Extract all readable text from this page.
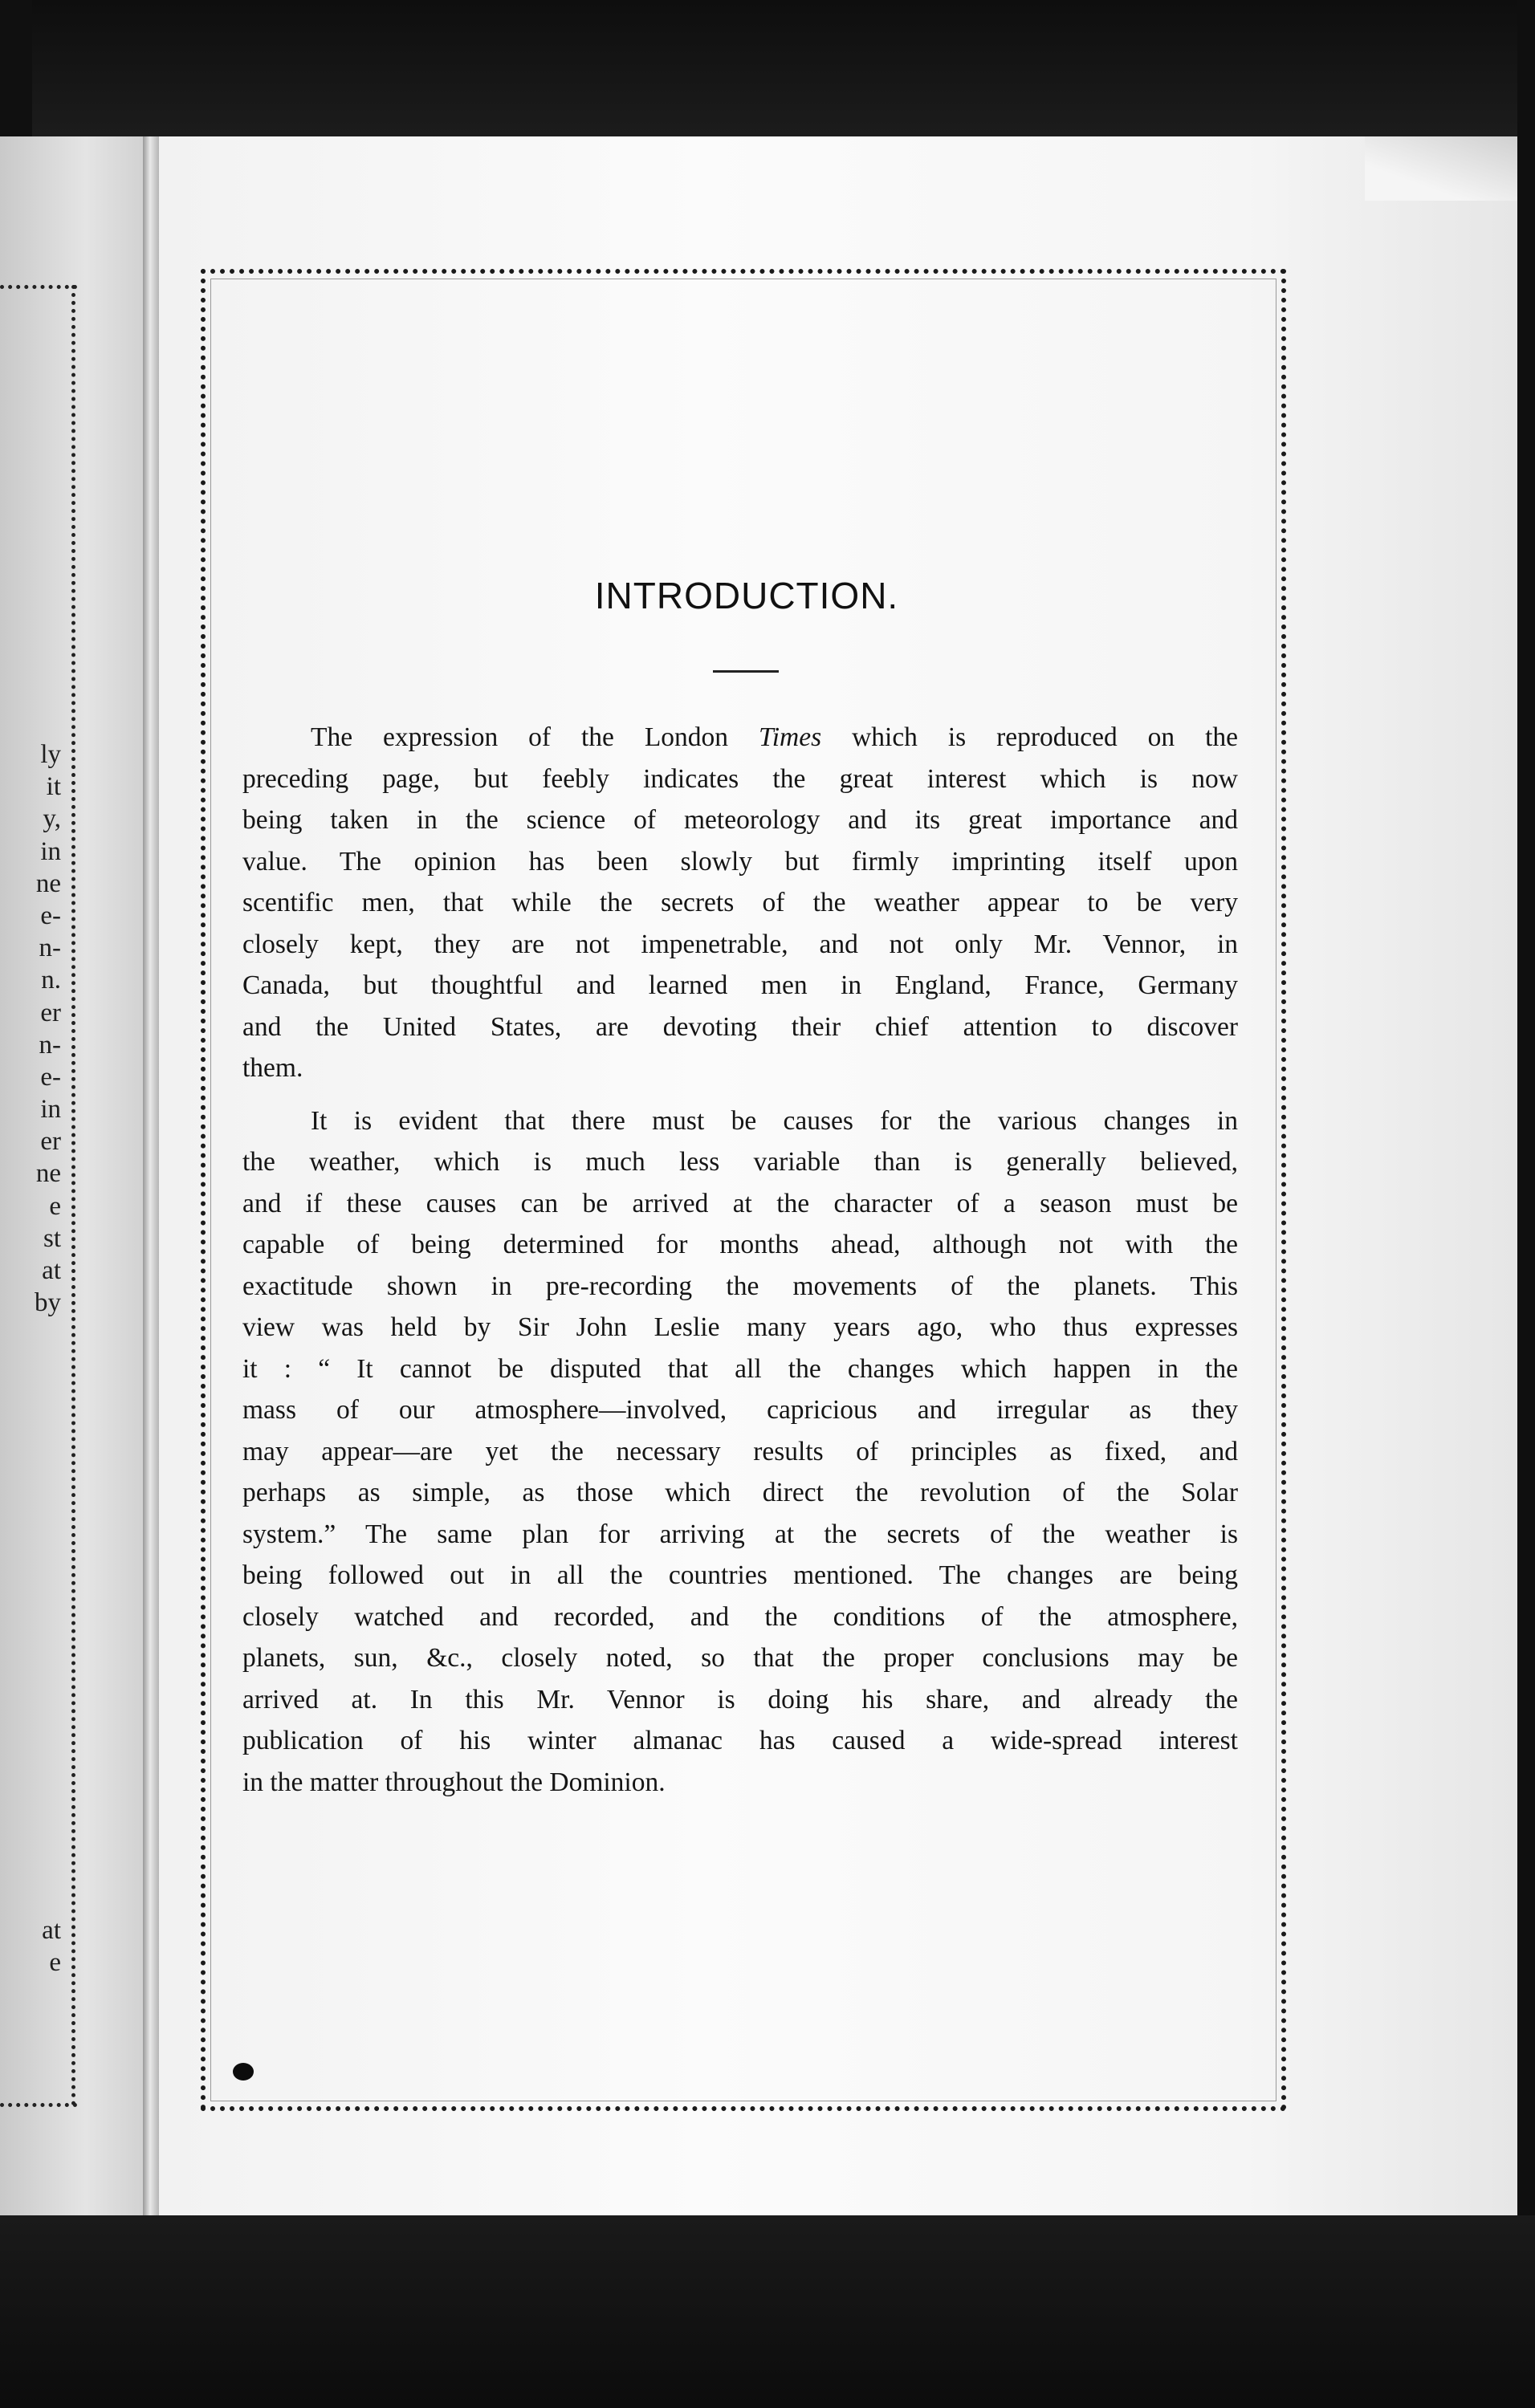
ly
it
y,
in
ne
e-
n-
n.
er
n-
e-
in
er
ne
e
st
at
by
at
e
INTRODUCTION.
The expression of the London Times which is reproduced on the
preceding page, but feebly indicates the great interest which is now
being taken in the science of meteorology and its great importance and
value. The opinion has been slowly but firmly imprinting itself upon
scentific men, that while the secrets of the weather appear to be very
closely kept, they are not impenetrable, and not only Mr. Vennor, in
Canada, but thoughtful and learned men in England, France, Germany
and the United States, are devoting their chief attention to discover
them.
It is evident that there must be causes for the various changes in
the weather, which is much less variable than is generally believed,
and if these causes can be arrived at the character of a season must be
capable of being determined for months ahead, although not with the
exactitude shown in pre-recording the movements of the planets. This
view was held by Sir John Leslie many years ago, who thus expresses
it : “ It cannot be disputed that all the changes which happen in the
mass of our atmosphere—involved, capricious and irregular as they
may appear—are yet the necessary results of principles as fixed, and
perhaps as simple, as those which direct the revolution of the Solar
system.” The same plan for arriving at the secrets of the weather is
being followed out in all the countries mentioned. The changes are being
closely watched and recorded, and the conditions of the atmosphere,
planets, sun, &c., closely noted, so that the proper conclusions may be
arrived at. In this Mr. Vennor is doing his share, and already the
publication of his winter almanac has caused a wide-spread interest
in the matter throughout the Dominion.
